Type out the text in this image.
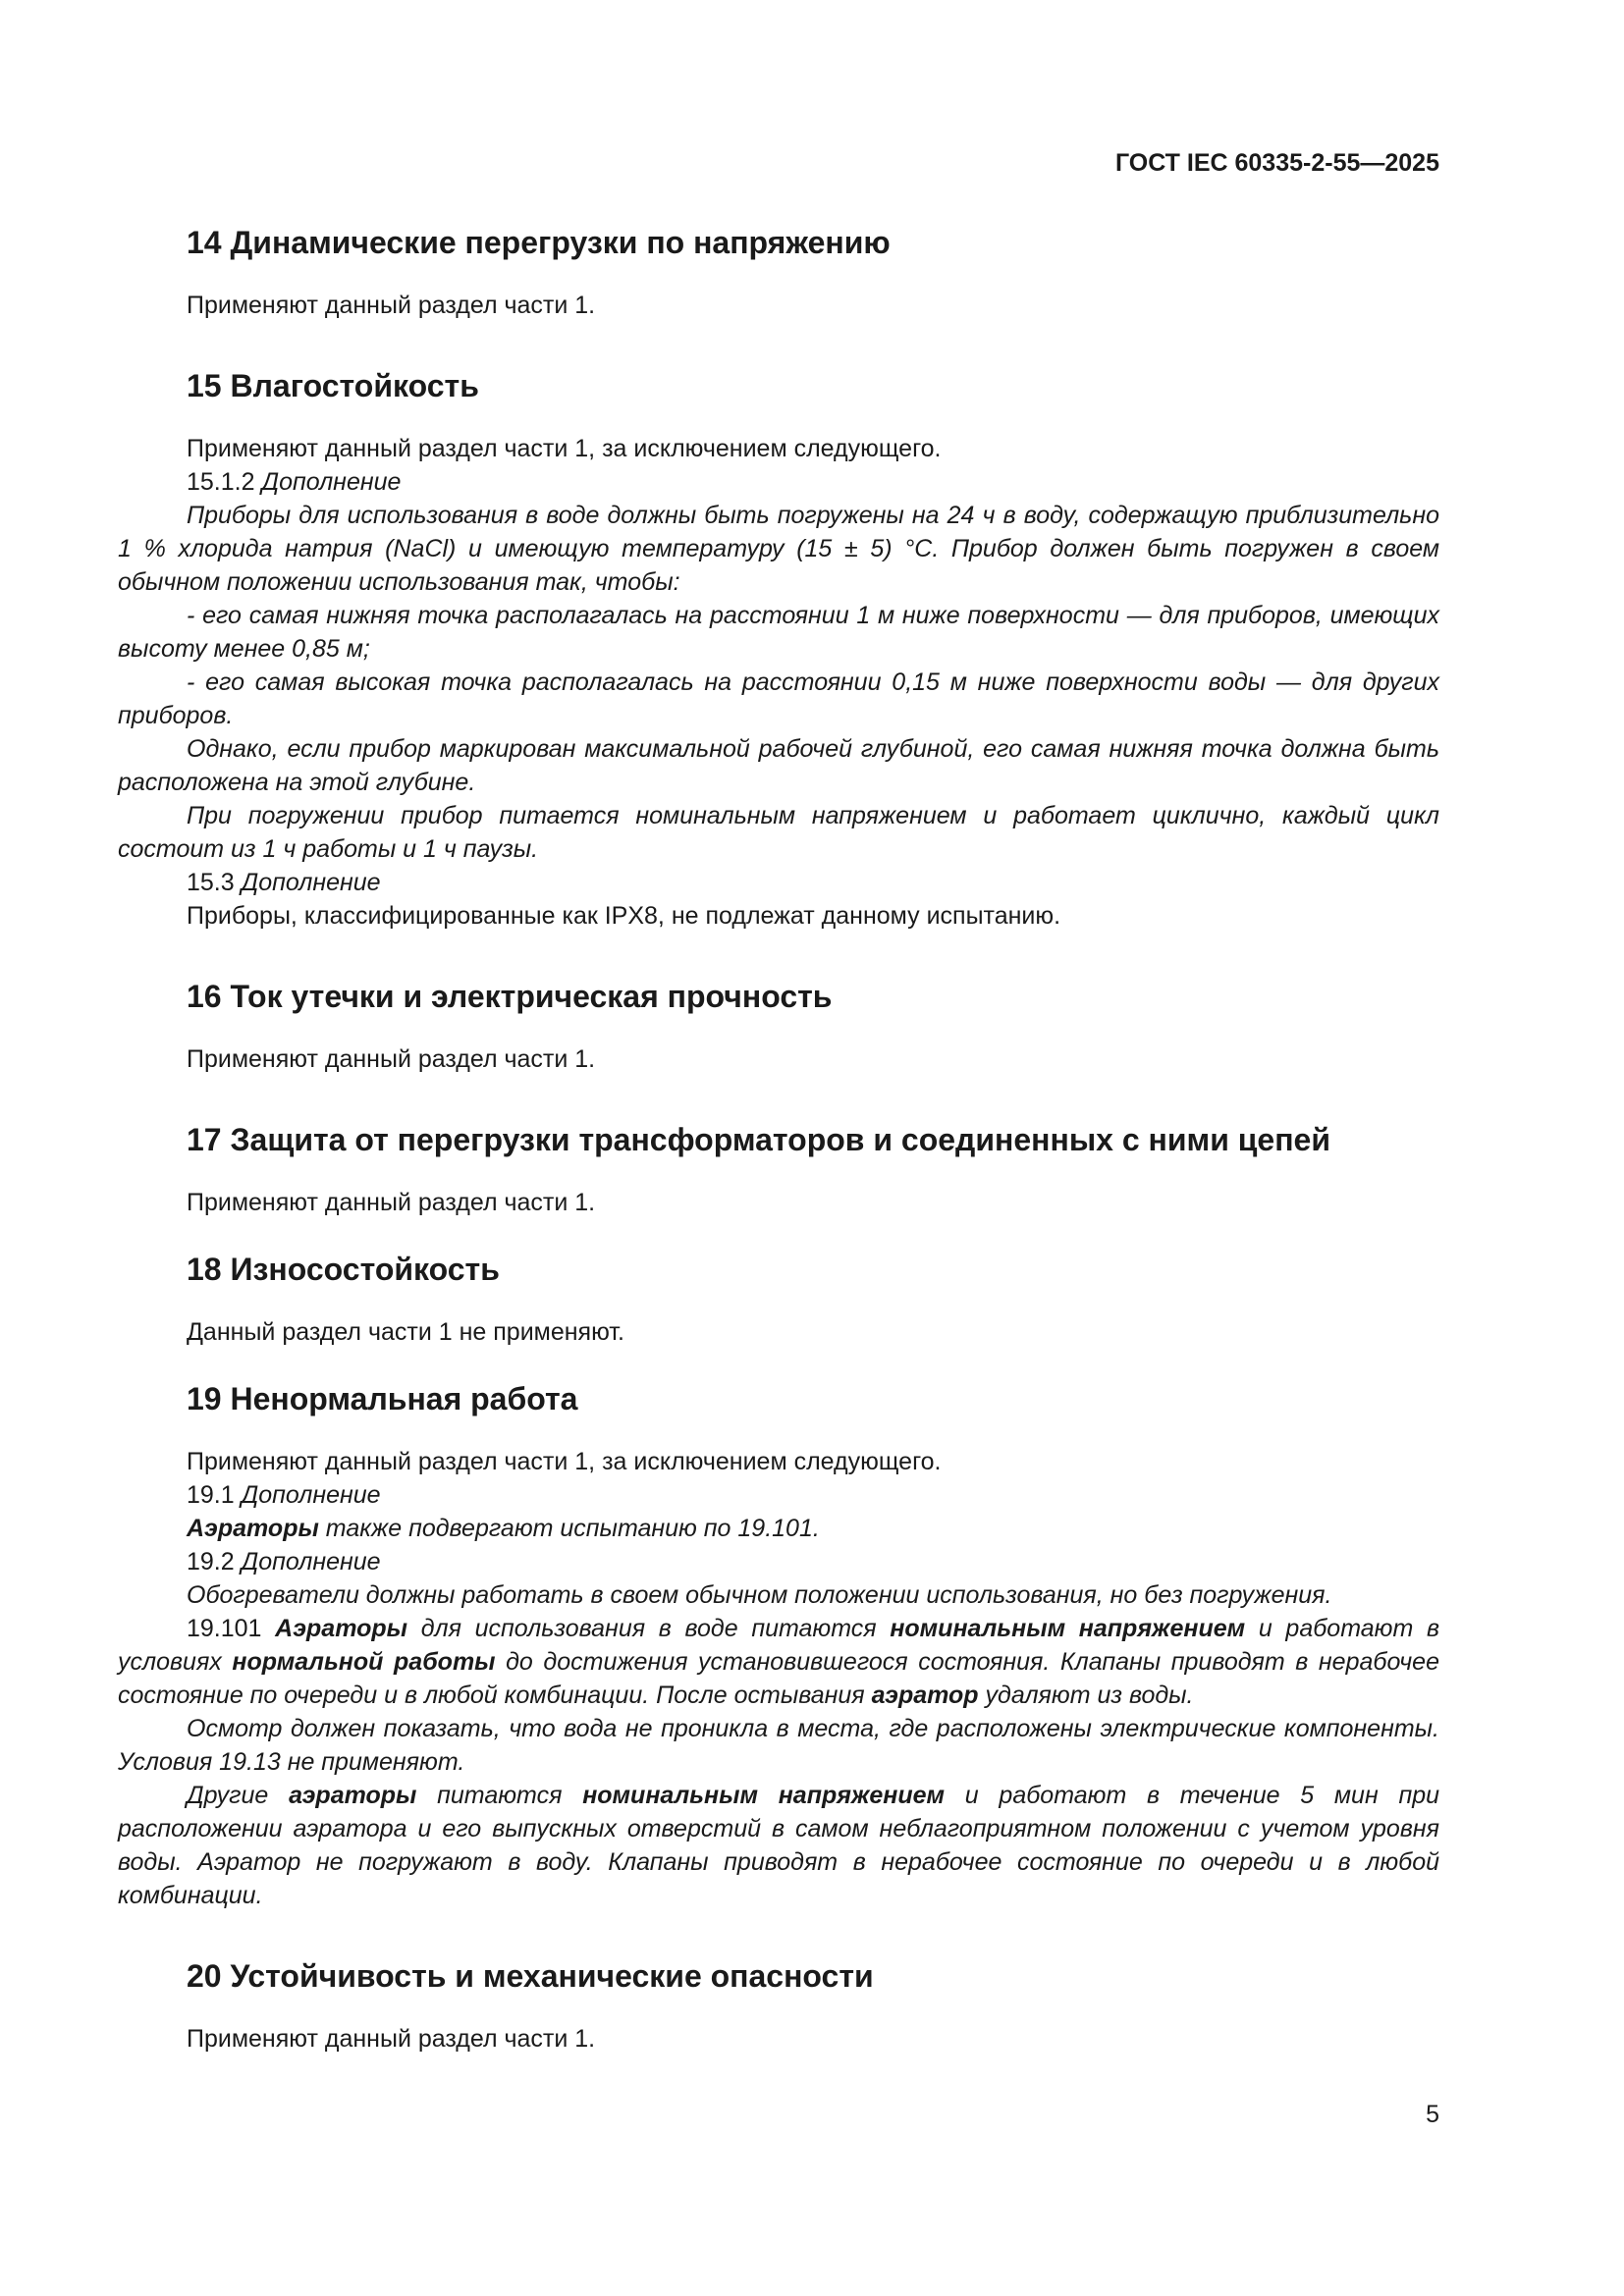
ГОСТ IEC 60335-2-55—2025
14 Динамические перегрузки по напряжению

Применяют данный раздел части 1.

15 Влагостойкость

Применяют данный раздел части 1, за исключением следующего.

15.1.2 Дополнение

Приборы для использования в воде должны быть погружены на 24 ч в воду, содержащую приблизительно 1 % хлорида натрия (NaCl) и имеющую температуру (15 ± 5) °С. Прибор должен быть погружен в своем обычном положении использования так, чтобы:

- его самая нижняя точка располагалась на расстоянии 1 м ниже поверхности — для приборов, имеющих высоту менее 0,85 м;

- его самая высокая точка располагалась на расстоянии 0,15 м ниже поверхности воды — для других приборов.

Однако, если прибор маркирован максимальной рабочей глубиной, его самая нижняя точка должна быть расположена на этой глубине.

При погружении прибор питается номинальным напряжением и работает циклично, каждый цикл состоит из 1 ч работы и 1 ч паузы.

15.3 Дополнение

Приборы, классифицированные как IPX8, не подлежат данному испытанию.

16 Ток утечки и электрическая прочность

Применяют данный раздел части 1.

17 Защита от перегрузки трансформаторов и соединенных с ними цепей

Применяют данный раздел части 1.

18 Износостойкость

Данный раздел части 1 не применяют.

19 Ненормальная работа

Применяют данный раздел части 1, за исключением следующего.

19.1 Дополнение

Аэраторы также подвергают испытанию по 19.101.

19.2 Дополнение

Обогреватели должны работать в своем обычном положении использования, но без погружения.

19.101 Аэраторы для использования в воде питаются номинальным напряжением и работают в условиях нормальной работы до достижения установившегося состояния. Клапаны приводят в нерабочее состояние по очереди и в любой комбинации. После остывания аэратор удаляют из воды.

Осмотр должен показать, что вода не проникла в места, где расположены электрические компоненты. Условия 19.13 не применяют.

Другие аэраторы питаются номинальным напряжением и работают в течение 5 мин при расположении аэратора и его выпускных отверстий в самом неблагоприятном положении с учетом уровня воды. Аэратор не погружают в воду. Клапаны приводят в нерабочее состояние по очереди и в любой комбинации.

20 Устойчивость и механические опасности

Применяют данный раздел части 1.

5
